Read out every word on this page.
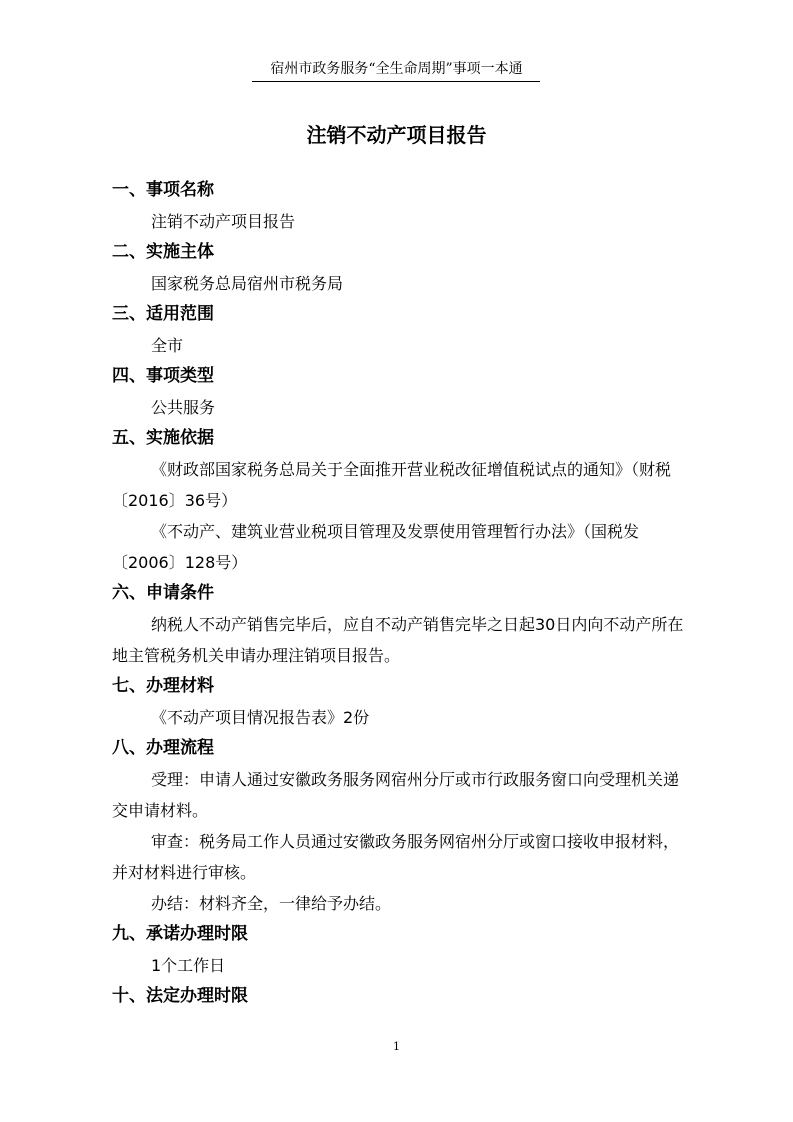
宿州市政务服务“全生命周期”事项一本通
注销不动产项目报告
一、事项名称

注销不动产项目报告

二、实施主体

国家税务总局宿州市税务局

三、适用范围

全市

四、事项类型

公共服务

五、实施依据

《财政部国家税务总局关于全面推开营业税改征增值税试点的通知》（财税〔2016〕36号）

《不动产、建筑业营业税项目管理及发票使用管理暂行办法》（国税发〔2006〕128号）

六、申请条件

纳税人不动产销售完毕后，应自不动产销售完毕之日起30日内向不动产所在地主管税务机关申请办理注销项目报告。

七、办理材料

《不动产项目情况报告表》2份

八、办理流程

受理：申请人通过安徽政务服务网宿州分厅或市行政服务窗口向受理机关递交申请材料。

审查：税务局工作人员通过安徽政务服务网宿州分厅或窗口接收申报材料，并对材料进行审核。

办结：材料齐全，一律给予办结。

九、承诺办理时限

1个工作日

十、法定办理时限
1
